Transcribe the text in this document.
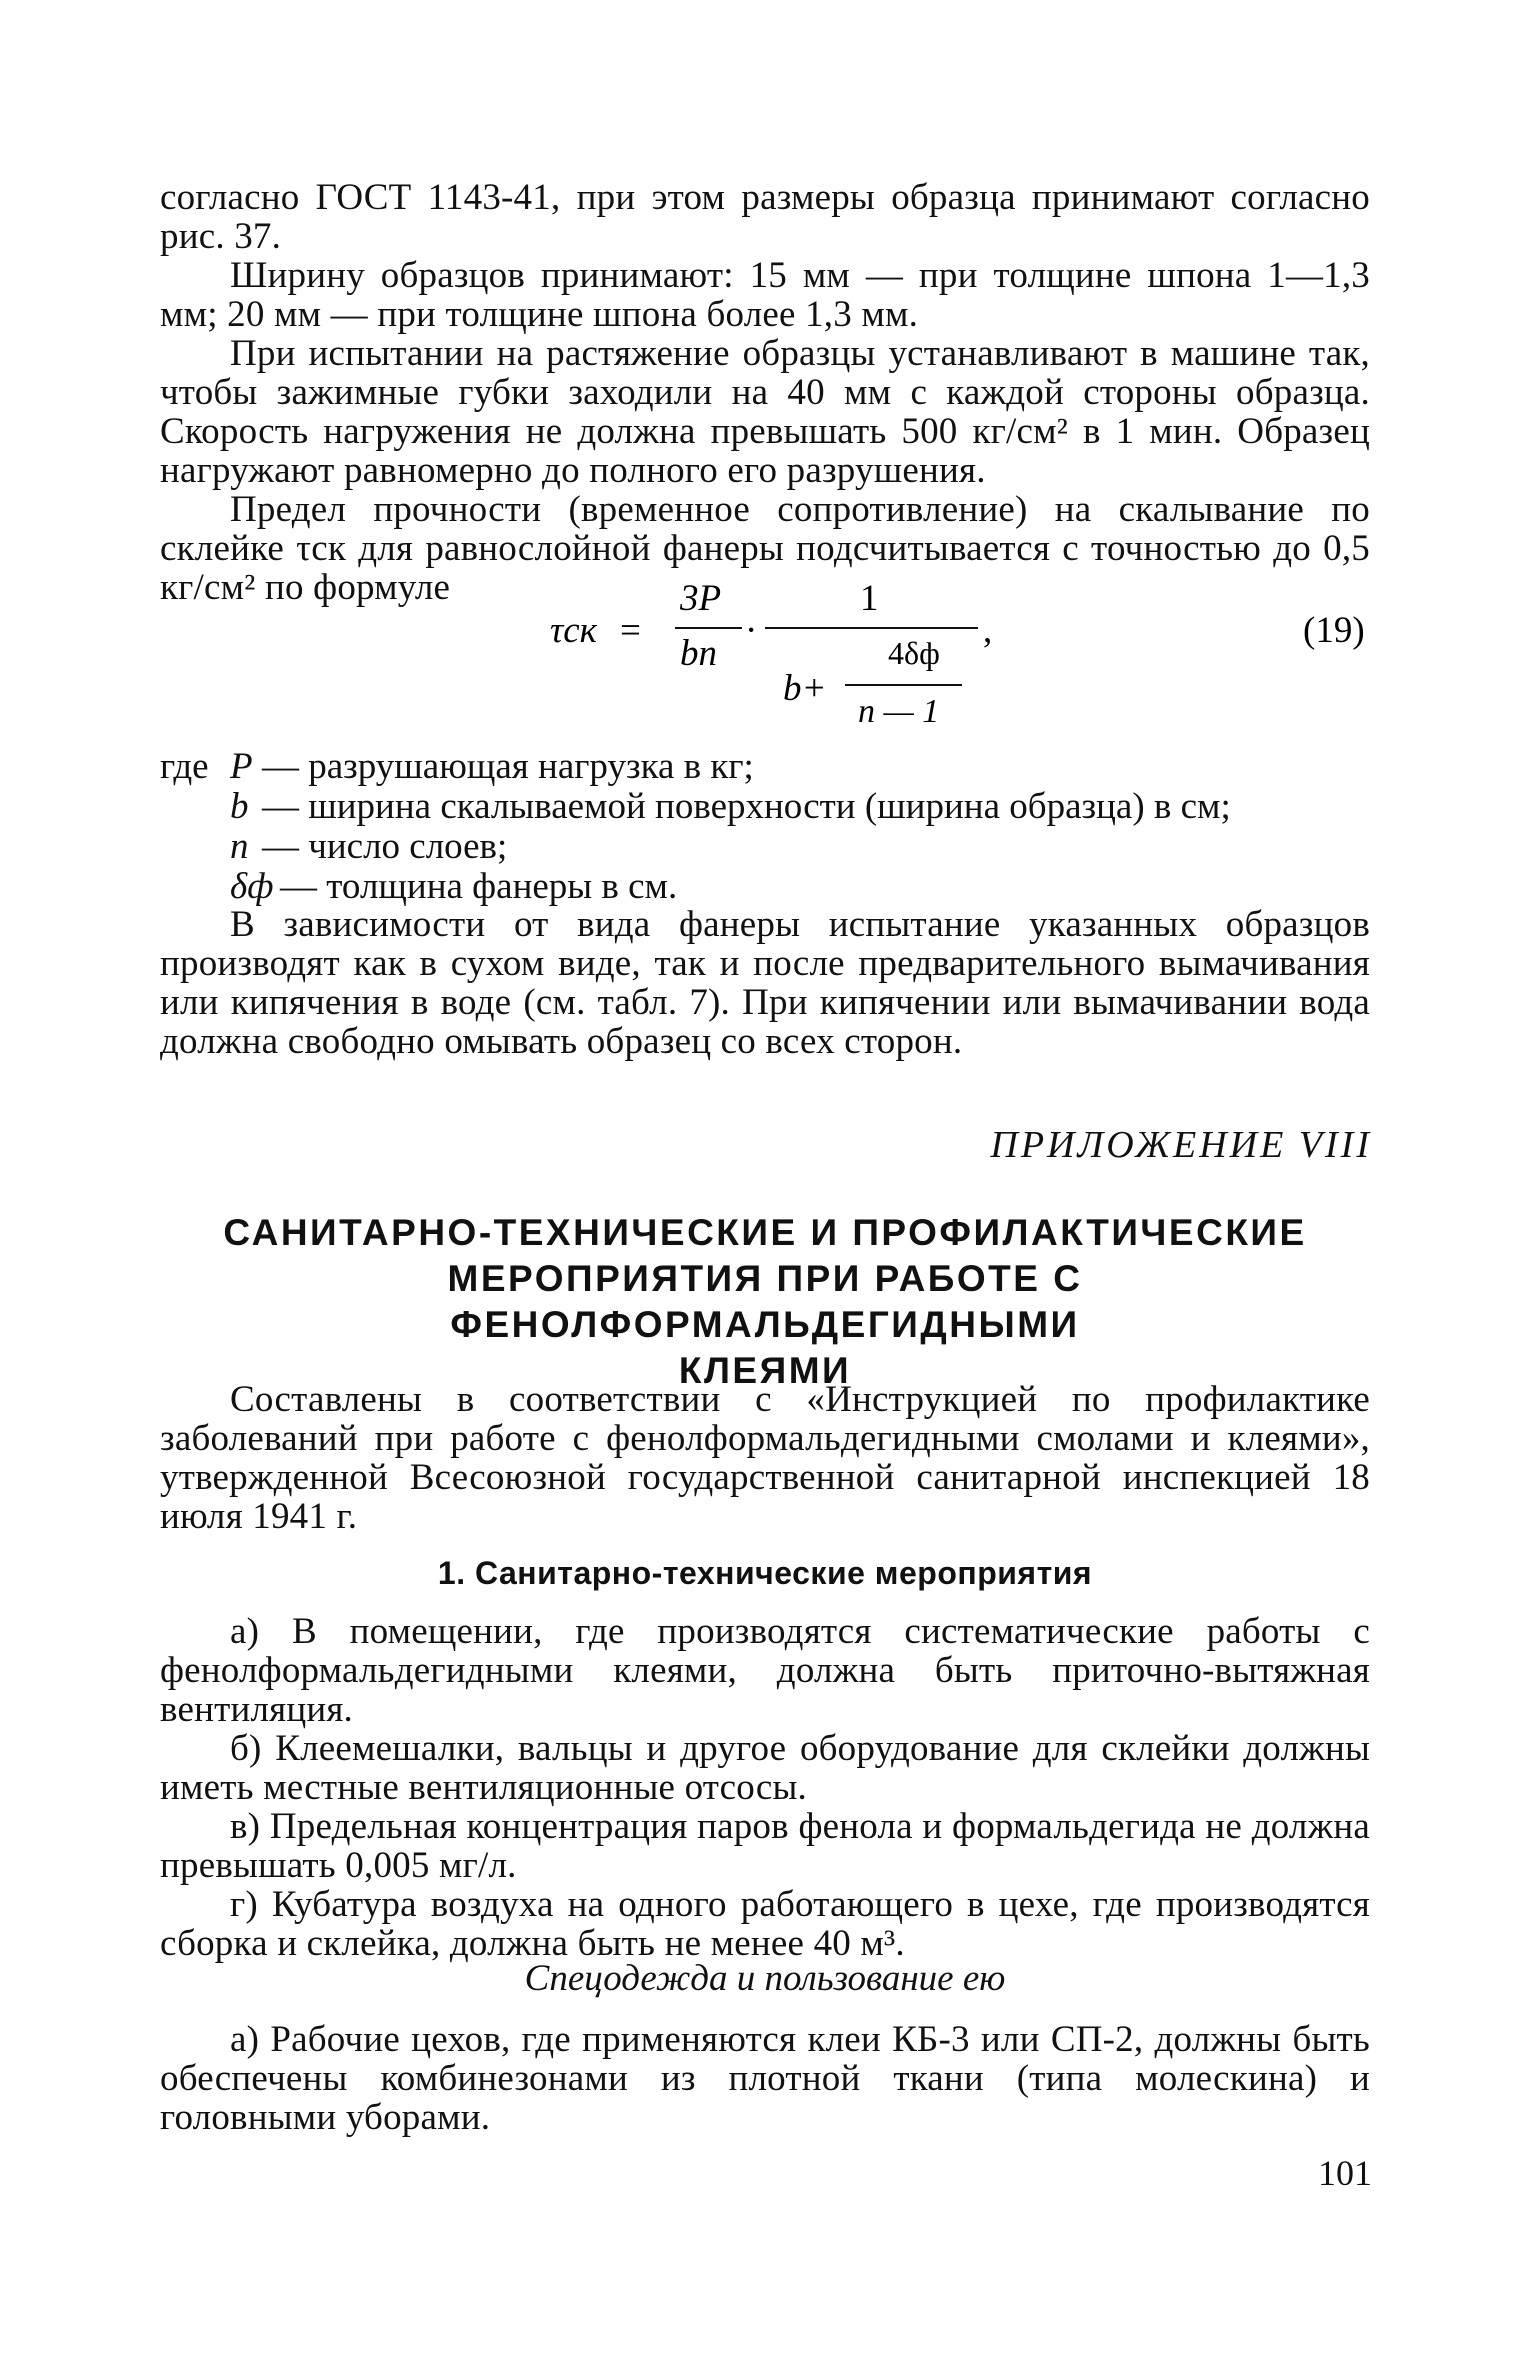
согласно ГОСТ 1143-41, при этом размеры образца принимают согласно рис. 37.

Ширину образцов принимают: 15 мм — при толщине шпона 1—1,3 мм; 20 мм — при толщине шпона более 1,3 мм.

При испытании на растяжение образцы устанавливают в машине так, чтобы зажимные губки заходили на 40 мм с каждой стороны образца. Скорость нагружения не должна превышать 500 кг/см² в 1 мин. Образец нагружают равномерно до полного его разрушения.

Предел прочности (временное сопротивление) на скалывание по склейке τск для равнослойной фанеры подсчитывается с точностью до 0,5 кг/см² по формуле

τск =
3P
bn
·
1
b+
4δф
n — 1
,	(19)
где P — разрушающая нагрузка в кг;
b — ширина скалываемой поверхности (ширина образца) в см;
n — число слоев;
δф — толщина фанеры в см.

В зависимости от вида фанеры испытание указанных образцов производят как в сухом виде, так и после предварительного вымачивания или кипячения в воде (см. табл. 7). При кипячении или вымачивании вода должна свободно омывать образец со всех сторон.

ПРИЛОЖЕНИЕ VIII
САНИТАРНО-ТЕХНИЧЕСКИЕ И ПРОФИЛАКТИЧЕСКИЕ
МЕРОПРИЯТИЯ ПРИ РАБОТЕ С ФЕНОЛФОРМАЛЬДЕГИДНЫМИ
КЛЕЯМИ

Составлены в соответствии с «Инструкцией по профилактике заболеваний при работе с фенолформальдегидными смолами и клеями», утвержденной Всесоюзной государственной санитарной инспекцией 18 июля 1941 г.

1. Санитарно-технические мероприятия

а) В помещении, где производятся систематические работы с фенолформальдегидными клеями, должна быть приточно-вытяжная вентиляция.

б) Клеемешалки, вальцы и другое оборудование для склейки должны иметь местные вентиляционные отсосы.

в) Предельная концентрация паров фенола и формальдегида не должна превышать 0,005 мг/л.

г) Кубатура воздуха на одного работающего в цехе, где производятся сборка и склейка, должна быть не менее 40 м³.

Спецодежда и пользование ею

а) Рабочие цехов, где применяются клеи КБ-3 или СП-2, должны быть обеспечены комбинезонами из плотной ткани (типа молескина) и головными уборами.

101
